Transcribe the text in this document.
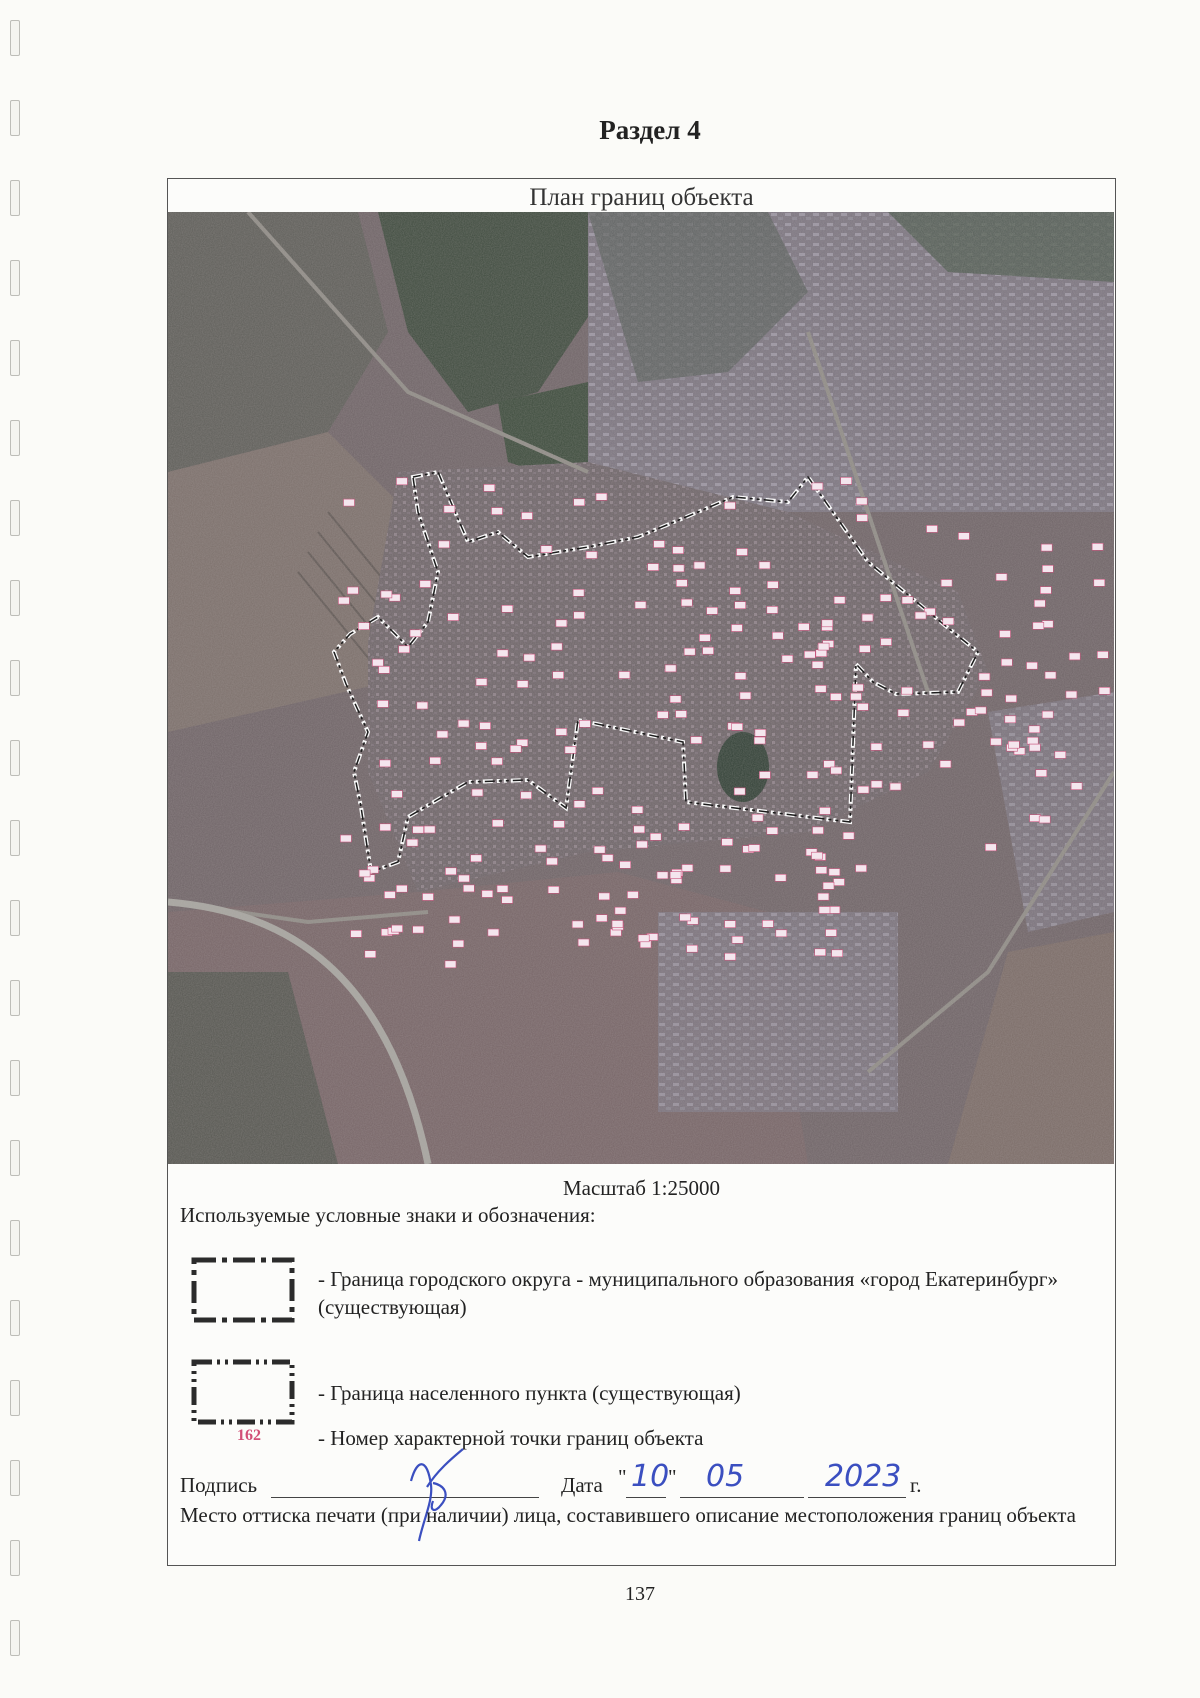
Раздел 4
План границ объекта
Масштаб 1:25000
Используемые условные знаки и обозначения:
- Граница городского округа - муниципального образования «город Екатеринбург» (существующая)
- Граница населенного пункта (существующая)
162	- Номер характерной точки границ объекта
Подпись	Дата " 10
" 05	2023 г.
Место оттиска печати (при наличии) лица, составившего описание местоположения границ объекта
137
